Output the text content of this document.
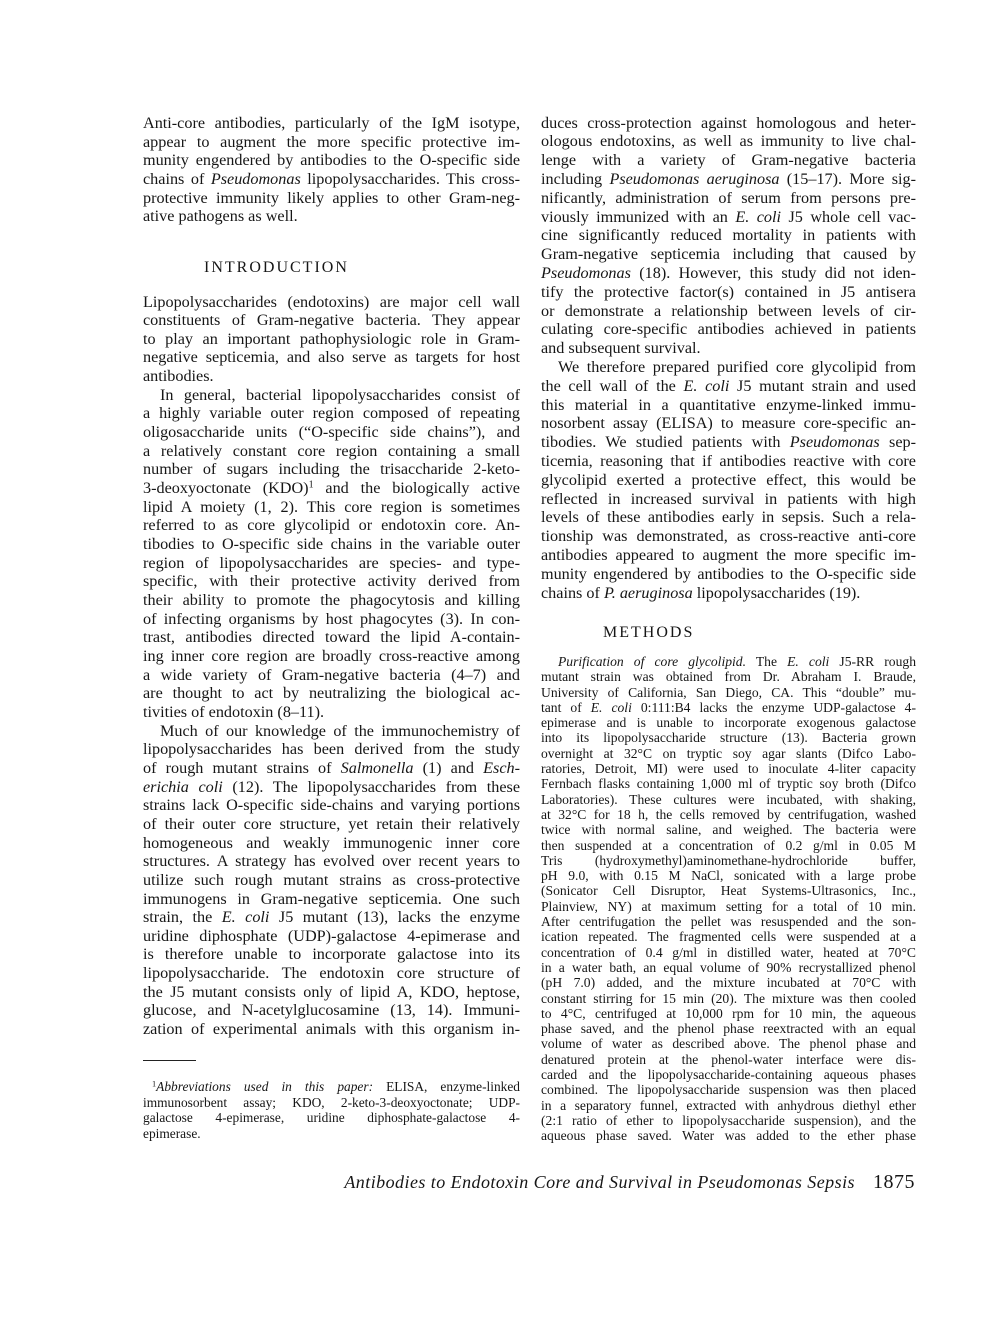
Anti-core antibodies, particularly of the IgM isotype,
appear to augment the more specific protective im-
munity engendered by antibodies to the O-specific side
chains of Pseudomonas lipopolysaccharides. This cross-
protective immunity likely applies to other Gram-neg-
ative pathogens as well.
INTRODUCTION
Lipopolysaccharides (endotoxins) are major cell wall
constituents of Gram-negative bacteria. They appear
to play an important pathophysiologic role in Gram-
negative septicemia, and also serve as targets for host
antibodies.
In general, bacterial lipopolysaccharides consist of
a highly variable outer region composed of repeating
oligosaccharide units (“O-specific side chains”), and
a relatively constant core region containing a small
number of sugars including the trisaccharide 2-keto-
3-deoxyoctonate (KDO)$^1$ and the biologically active
lipid A moiety (1, 2). This core region is sometimes
referred to as core glycolipid or endotoxin core. An-
tibodies to O-specific side chains in the variable outer
region of lipopolysaccharides are species- and type-
specific, with their protective activity derived from
their ability to promote the phagocytosis and killing
of infecting organisms by host phagocytes (3). In con-
trast, antibodies directed toward the lipid A-contain-
ing inner core region are broadly cross-reactive among
a wide variety of Gram-negative bacteria (4–7) and
are thought to act by neutralizing the biological ac-
tivities of endotoxin (8–11).
Much of our knowledge of the immunochemistry of
lipopolysaccharides has been derived from the study
of rough mutant strains of Salmonella (1) and Esch-
erichia coli (12). The lipopolysaccharides from these
strains lack O-specific side-chains and varying portions
of their outer core structure, yet retain their relatively
homogeneous and weakly immunogenic inner core
structures. A strategy has evolved over recent years to
utilize such rough mutant strains as cross-protective
immunogens in Gram-negative septicemia. One such
strain, the E. coli J5 mutant (13), lacks the enzyme
uridine diphosphate (UDP)-galactose 4-epimerase and
is therefore unable to incorporate galactose into its
lipopolysaccharide. The endotoxin core structure of
the J5 mutant consists only of lipid A, KDO, heptose,
glucose, and N-acetylglucosamine (13, 14). Immuni-
zation of experimental animals with this organism in-
$^1$Abbreviations used in this paper: ELISA, enzyme-linked
immunosorbent assay; KDO, 2-keto-3-deoxyoctonate; UDP-
galactose 4-epimerase, uridine diphosphate-galactose 4-
epimerase.
duces cross-protection against homologous and heter-
ologous endotoxins, as well as immunity to live chal-
lenge with a variety of Gram-negative bacteria
including Pseudomonas aeruginosa (15–17). More sig-
nificantly, administration of serum from persons pre-
viously immunized with an E. coli J5 whole cell vac-
cine significantly reduced mortality in patients with
Gram-negative septicemia including that caused by
Pseudomonas (18). However, this study did not iden-
tify the protective factor(s) contained in J5 antisera
or demonstrate a relationship between levels of cir-
culating core-specific antibodies achieved in patients
and subsequent survival.
We therefore prepared purified core glycolipid from
the cell wall of the E. coli J5 mutant strain and used
this material in a quantitative enzyme-linked immu-
nosorbent assay (ELISA) to measure core-specific an-
tibodies. We studied patients with Pseudomonas sep-
ticemia, reasoning that if antibodies reactive with core
glycolipid exerted a protective effect, this would be
reflected in increased survival in patients with high
levels of these antibodies early in sepsis. Such a rela-
tionship was demonstrated, as cross-reactive anti-core
antibodies appeared to augment the more specific im-
munity engendered by antibodies to the O-specific side
chains of P. aeruginosa lipopolysaccharides (19).
METHODS
Purification of core glycolipid. The E. coli J5-RR rough
mutant strain was obtained from Dr. Abraham I. Braude,
University of California, San Diego, CA. This “double” mu-
tant of E. coli 0:111:B4 lacks the enzyme UDP-galactose 4-
epimerase and is unable to incorporate exogenous galactose
into its lipopolysaccharide structure (13). Bacteria grown
overnight at 32°C on tryptic soy agar slants (Difco Labo-
ratories, Detroit, MI) were used to inoculate 4-liter capacity
Fernbach flasks containing 1,000 ml of tryptic soy broth (Difco
Laboratories). These cultures were incubated, with shaking,
at 32°C for 18 h, the cells removed by centrifugation, washed
twice with normal saline, and weighed. The bacteria were
then suspended at a concentration of 0.2 g/ml in 0.05 M
Tris (hydroxymethyl)aminomethane-hydrochloride buffer,
pH 9.0, with 0.15 M NaCl, sonicated with a large probe
(Sonicator Cell Disruptor, Heat Systems-Ultrasonics, Inc.,
Plainview, NY) at maximum setting for a total of 10 min.
After centrifugation the pellet was resuspended and the son-
ication repeated. The fragmented cells were suspended at a
concentration of 0.4 g/ml in distilled water, heated at 70°C
in a water bath, an equal volume of 90% recrystallized phenol
(pH 7.0) added, and the mixture incubated at 70°C with
constant stirring for 15 min (20). The mixture was then cooled
to 4°C, centrifuged at 10,000 rpm for 10 min, the aqueous
phase saved, and the phenol phase reextracted with an equal
volume of water as described above. The phenol phase and
denatured protein at the phenol-water interface were dis-
carded and the lipopolysaccharide-containing aqueous phases
combined. The lipopolysaccharide suspension was then placed
in a separatory funnel, extracted with anhydrous diethyl ether
(2:1 ratio of ether to lipopolysaccharide suspension), and the
aqueous phase saved. Water was added to the ether phase
Antibodies to Endotoxin Core and Survival in Pseudomonas Sepsis 1875
